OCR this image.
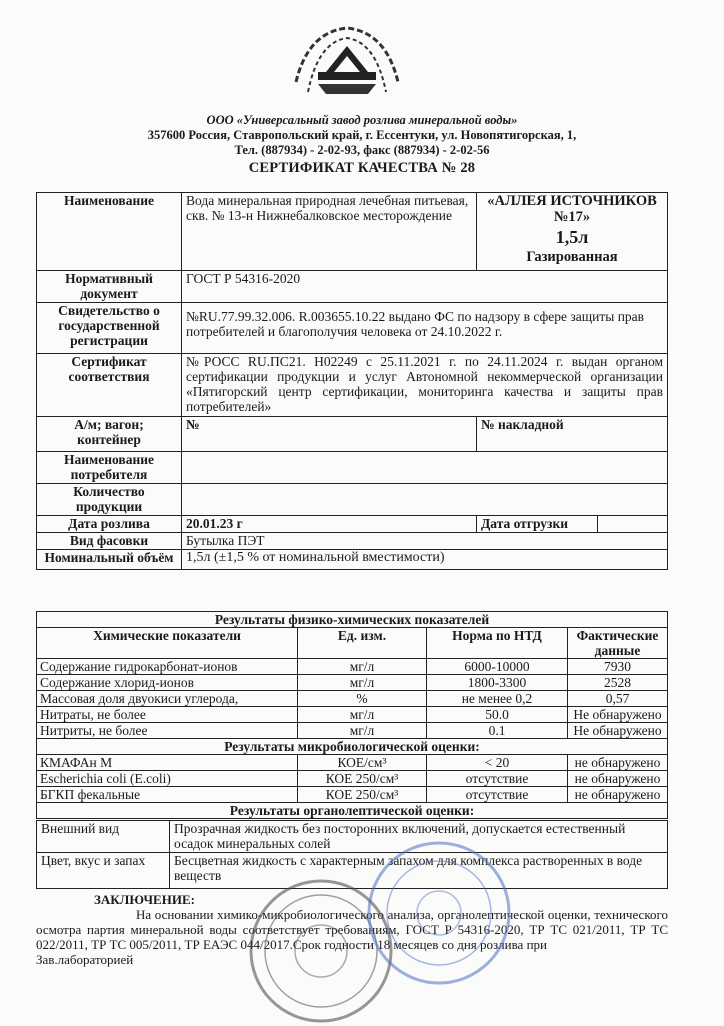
ООО «Универсальный завод розлива минеральной воды»
357600 Россия, Ставропольский край, г. Ессентуки, ул. Новопятигорская, 1,
Тел. (887934) - 2-02-93, факс (887934) - 2-02-56
СЕРТИФИКАТ КАЧЕСТВА № 28
Наименование	Вода минеральная природная лечебная питьевая, скв. № 13-н Нижнебалковское месторождение	«АЛЛЕЯ ИСТОЧНИКОВ №17»
1,5л
Газированная	
Нормативный документ	ГОСТ Р 54316-2020		
Свидетельство о государственной регистрации	№RU.77.99.32.006. R.003655.10.22 выдано ФС по надзору в сфере защиты прав потребителей и благополучия человека от 24.10.2022 г.		
Сертификат соответствия	№РОСС RU.ПС21. Н02249 с 25.11.2021 г. по 24.11.2024 г. выдан органом сертификации продукции и услуг Автономной некоммерческой организации «Пятигорский центр сертификации, мониторинга качества и защиты прав потребителей»		
А/м; вагон; контейнер	№	№ накладной	
Наименование потребителя			
Количество продукции			
Дата розлива	20.01.23 г	Дата отгрузки	
Вид фасовки	Бутылка ПЭТ		
Номинальный объём	1,5л (±1,5 % от номинальной вместимости)		
Результаты физико-химических показателей			
Химические показатели	Ед. изм.	Норма по НТД	Фактические данные
Содержание гидрокарбонат-ионов	мг/л	6000-10000	7930
Содержание хлорид-ионов	мг/л	1800-3300	2528
Массовая доля двуокиси углерода,	%	не менее 0,2	0,57
Нитраты, не более	мг/л	50.0	Не обнаружено
Нитриты, не более	мг/л	0.1	Не обнаружено
Результаты микробиологической оценки:			
КМАФАн М	КОЕ/см³	< 20	не обнаружено
Escherichia coli (E.coli)	КОЕ 250/см³	отсутствие	не обнаружено
БГКП фекальные	КОЕ 250/см³	отсутствие	не обнаружено
Результаты органолептической оценки:			
Внешний вид	Прозрачная жидкость без посторонних включений, допускается естественный осадок минеральных солей
Цвет, вкус и запах	Бесцветная жидкость с характерным запахом для комплекса растворенных в воде веществ
ЗАКЛЮЧЕНИЕ:
На основании химико-микробиологического анализа, органолептической оценки, технического осмотра партия минеральной воды соответствует требованиям, ГОСТ Р 54316-2020, ТР ТС 021/2011, ТР ТС 022/2011, ТР ТС 005/2011, ТР ЕАЭС 044/2017.Срок годности 18 месяцев со дня розлива при
Зав.лабораторией
